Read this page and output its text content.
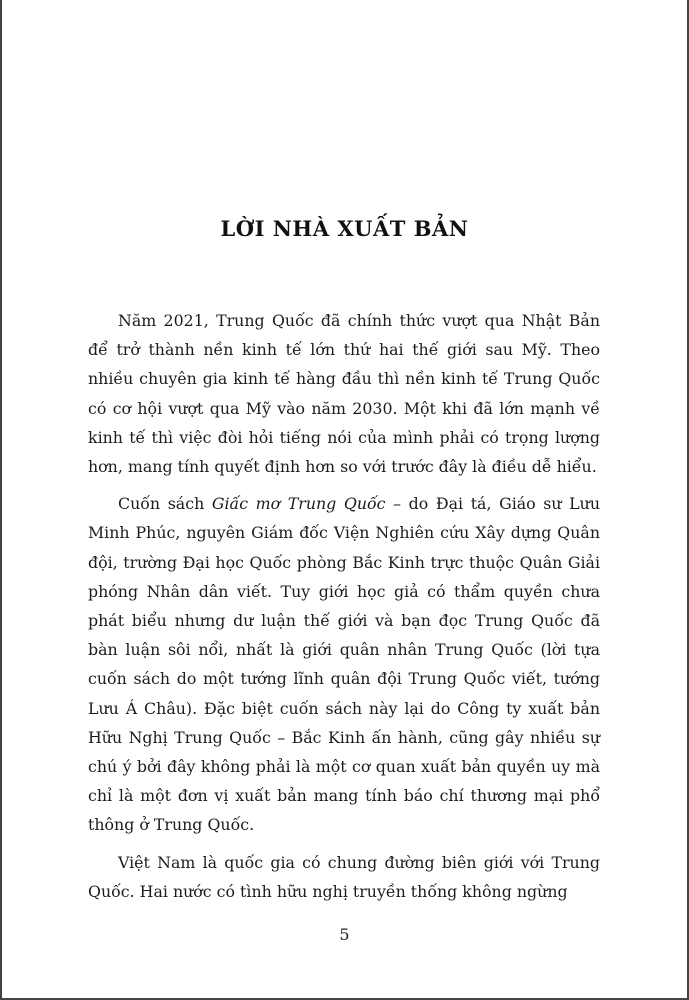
LỜI NHÀ XUẤT BẢN

Năm 2021, Trung Quốc đã chính thức vượt qua Nhật Bản để trở thành nền kinh tế lớn thứ hai thế giới sau Mỹ. Theo nhiều chuyên gia kinh tế hàng đầu thì nền kinh tế Trung Quốc có cơ hội vượt qua Mỹ vào năm 2030. Một khi đã lớn mạnh về kinh tế thì việc đòi hỏi tiếng nói của mình phải có trọng lượng hơn, mang tính quyết định hơn so với trước đây là điều dễ hiểu.

Cuốn sách Giấc mơ Trung Quốc – do Đại tá, Giáo sư Lưu Minh Phúc, nguyên Giám đốc Viện Nghiên cứu Xây dựng Quân đội, trường Đại học Quốc phòng Bắc Kinh trực thuộc Quân Giải phóng Nhân dân viết. Tuy giới học giả có thẩm quyền chưa phát biểu nhưng dư luận thế giới và bạn đọc Trung Quốc đã bàn luận sôi nổi, nhất là giới quân nhân Trung Quốc (lời tựa cuốn sách do một tướng lĩnh quân đội Trung Quốc viết, tướng Lưu Á Châu). Đặc biệt cuốn sách này lại do Công ty xuất bản Hữu Nghị Trung Quốc – Bắc Kinh ấn hành, cũng gây nhiều sự chú ý bởi đây không phải là một cơ quan xuất bản quyền uy mà chỉ là một đơn vị xuất bản mang tính báo chí thương mại phổ thông ở Trung Quốc.

Việt Nam là quốc gia có chung đường biên giới với Trung Quốc. Hai nước có tình hữu nghị truyền thống không ngừng

5
